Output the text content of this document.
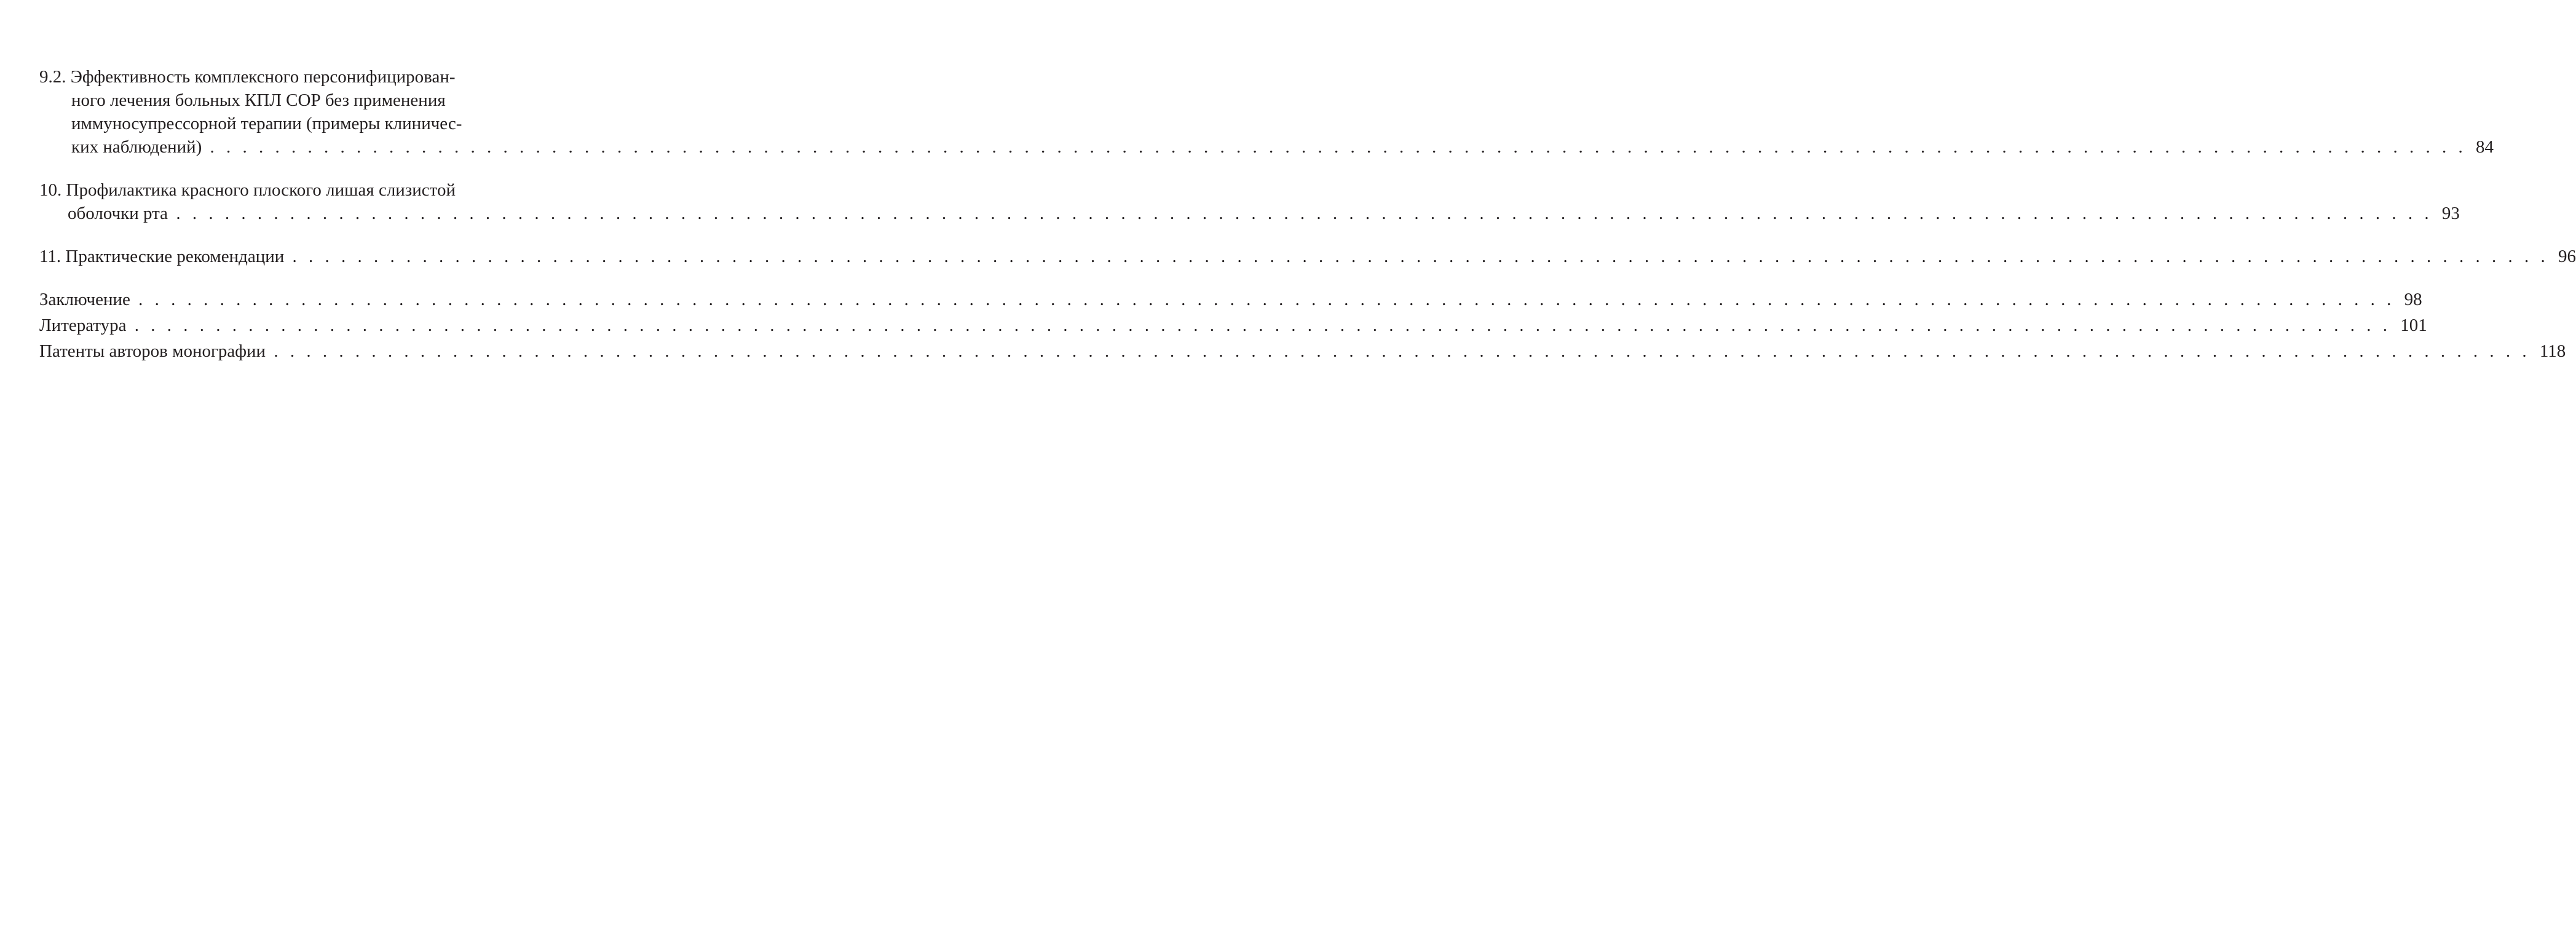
9.2. Эффективность комплексного персонифицирован-
ного лечения больных КПЛ СОР без применения
иммуносупрессорной терапии (примеры клиничес-
ких наблюдений) . . .	84
10. Профилактика красного плоского лишая слизистой
оболочки рта . . .	93
11. Практические рекомендации . . .	96
Заключение . . .	98
Литература . . .	101
Патенты авторов монографии . . .	118
